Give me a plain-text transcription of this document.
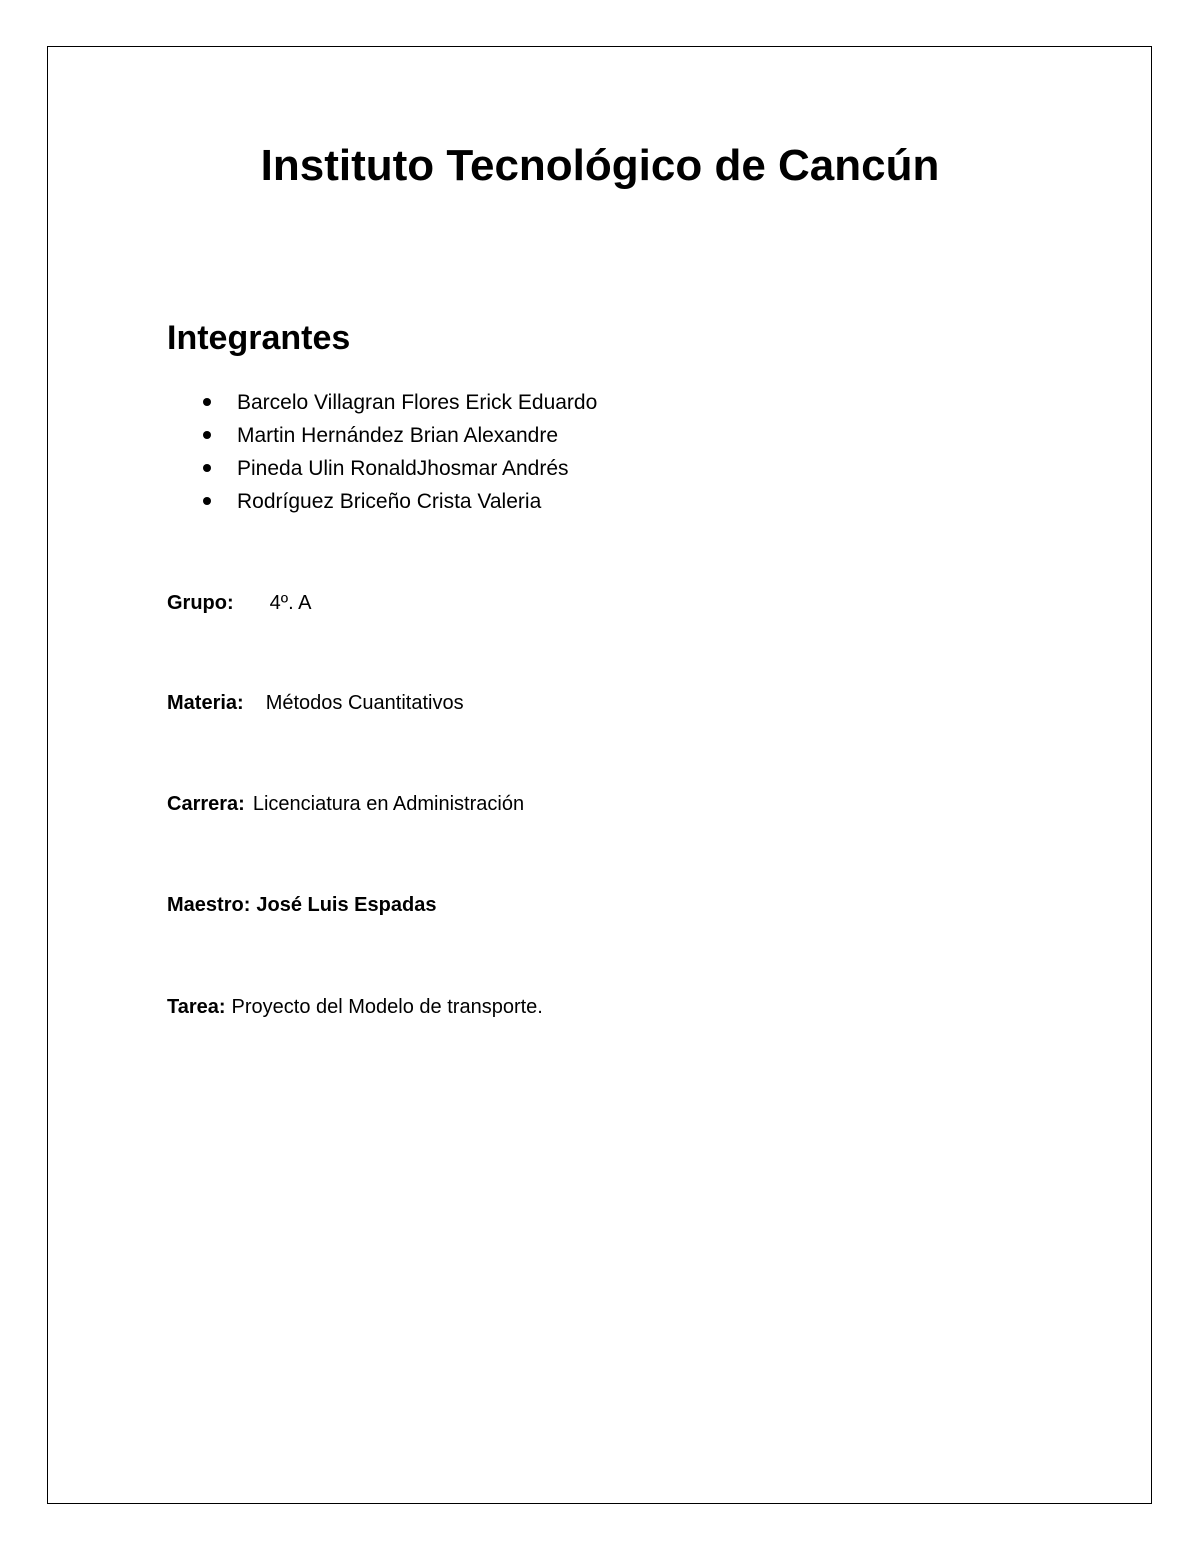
Instituto Tecnológico de Cancún
Integrantes
Barcelo Villagran Flores Erick Eduardo
Martin Hernández Brian Alexandre
Pineda Ulin RonaldJhosmar Andrés
Rodríguez Briceño Crista Valeria
Grupo: 4º. A
Materia: Métodos Cuantitativos
Carrera: Licenciatura en Administración
Maestro: José Luis Espadas
Tarea: Proyecto del Modelo de transporte.
